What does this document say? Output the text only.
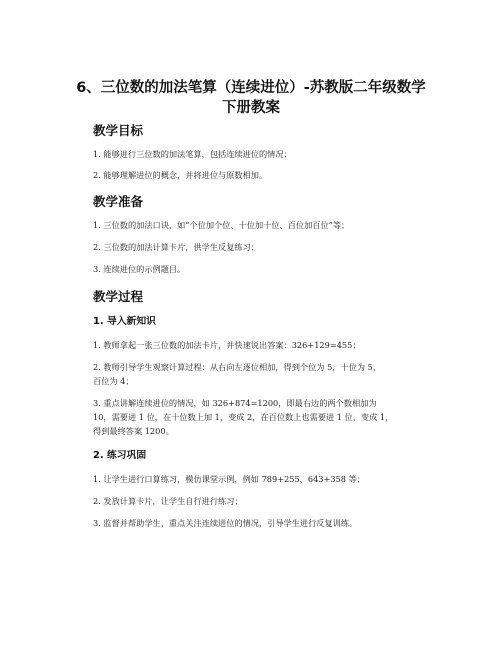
6、三位数的加法笔算（连续进位）-苏教版二年级数学
下册教案
教学目标
1. 能够进行三位数的加法笔算，包括连续进位的情况；
2. 能够理解进位的概念，并将进位与原数相加。
教学准备
1. 三位数的加法口诀，如“个位加个位、十位加十位、百位加百位”等；
2. 三位数的加法计算卡片，供学生反复练习；
3. 连续进位的示例题目。
教学过程
1. 导入新知识
1. 教师拿起一张三位数的加法卡片，并快速说出答案：326+129=455；
2. 教师引导学生观察计算过程：从右向左逐位相加，得到个位为 5，十位为 5，
百位为 4；
3. 重点讲解连续进位的情况，如 326+874=1200，即最右边的两个数相加为
10，需要进 1 位，在十位数上加 1，变成 2，在百位数上也需要进 1 位，变成 1，
得到最终答案 1200。
2. 练习巩固
1. 让学生进行口算练习，模仿课堂示例，例如 789+255、643+358 等；
2. 发放计算卡片，让学生自行进行练习；
3. 监督并帮助学生，重点关注连续进位的情况，引导学生进行反复训练。
